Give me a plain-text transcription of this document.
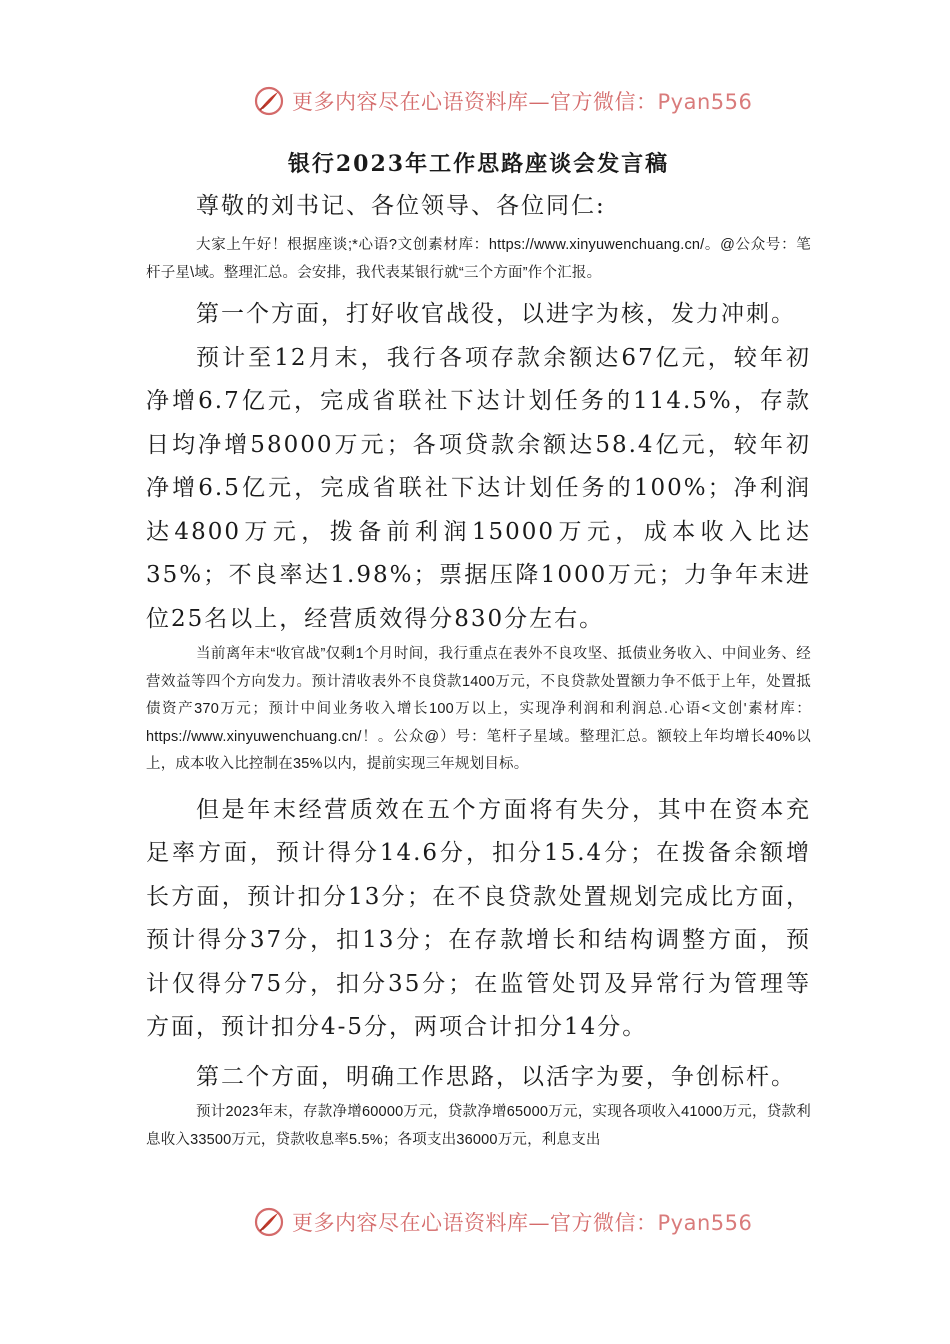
更多内容尽在心语资料库—官方微信：Pyan556
银行2023年工作思路座谈会发言稿

尊敬的刘书记、各位领导、各位同仁:

大家上午好！根据座谈;*心语?文创素材库：https://www.xinyuwenchuang.cn/。@公众号：笔杆子星\域。整理汇总。会安排，我代表某银行就“三个方面”作个汇报。

第一个方面，打好收官战役，以进字为核，发力冲刺。

预计至12月末，我行各项存款余额达67亿元，较年初净增6.7亿元，完成省联社下达计划任务的114.5%，存款日均净增58000万元；各项贷款余额达58.4亿元，较年初净增6.5亿元，完成省联社下达计划任务的100%；净利润达4800万元，拨备前利润15000万元，成本收入比达35%；不良率达1.98%；票据压降1000万元；力争年末进位25名以上，经营质效得分830分左右。

当前离年末“收官战”仅剩1个月时间，我行重点在表外不良攻坚、抵债业务收入、中间业务、经营效益等四个方向发力。预计清收表外不良贷款1400万元，不良贷款处置额力争不低于上年，处置抵债资产370万元；预计中间业务收入增长100万以上，实现净利润和利润总.心语<文创'素材库：https://www.xinyuwenchuang.cn/！。公众@）号：笔杆子星域。整理汇总。额较上年均增长40%以上，成本收入比控制在35%以内，提前实现三年规划目标。

但是年末经营质效在五个方面将有失分，其中在资本充足率方面，预计得分14.6分，扣分15.4分；在拨备余额增长方面，预计扣分13分；在不良贷款处置规划完成比方面，预计得分37分，扣13分；在存款增长和结构调整方面，预计仅得分75分，扣分35分；在监管处罚及异常行为管理等方面，预计扣分4-5分，两项合计扣分14分。

第二个方面，明确工作思路，以活字为要，争创标杆。

预计2023年末，存款净增60000万元，贷款净增65000万元，实现各项收入41000万元，贷款利息收入33500万元，贷款收息率5.5%；各项支出36000万元，利息支出

更多内容尽在心语资料库—官方微信：Pyan556
